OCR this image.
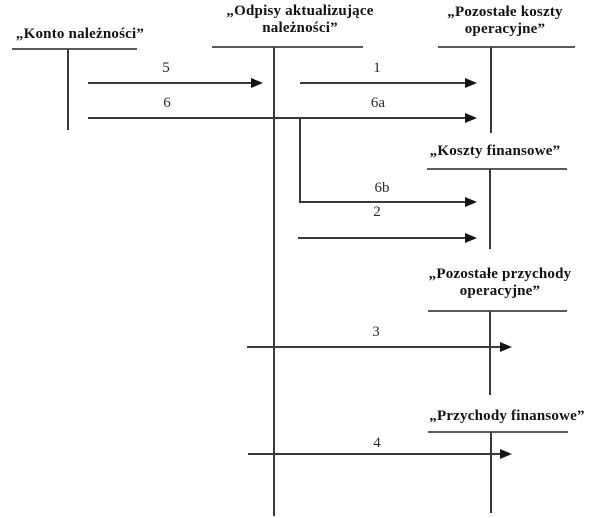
„Konto należności”
„Odpisy aktualizujące
należności”
„Pozostałe koszty
operacyjne”
„Koszty finansowe”
„Pozostałe przychody
operacyjne”
„Przychody finansowe”
5	1
6	6a
6b
2
3
4
